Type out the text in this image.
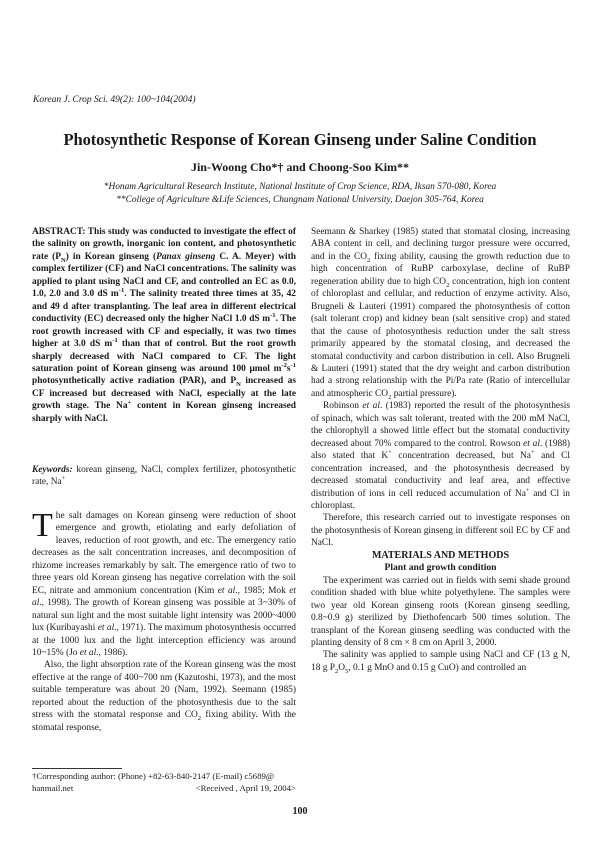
Korean J. Crop Sci. 49(2): 100~104(2004)
Photosynthetic Response of Korean Ginseng under Saline Condition
Jin-Woong Cho*† and Choong-Soo Kim**
*Honam Agricultural Research Institute, National Institute of Crop Science, RDA, Iksan 570-080, Korea
**College of Agriculture &Life Sciences, Chungnam National University, Daejon 305-764, Korea
ABSTRACT: This study was conducted to investigate the effect of the salinity on growth, inorganic ion content, and photosynthetic rate $(P_N)$ in Korean ginseng (Panax ginseng C. A. Meyer) with complex fertilizer (CF) and NaCl concentrations. The salinity was applied to plant using NaCl and CF, and controlled an EC as 0.0, 1.0, 2.0 and 3.0 dS $m^{-1}$. The salinity treated three times at 35, 42 and 49 d after transplanting. The leaf area in different electrical conductivity (EC) decreased only the higher NaCl 1.0 dS $m^{-1}$. The root growth increased with CF and especially, it was two times higher at 3.0 dS $m^{-1}$ than that of control. But the root growth sharply decreased with NaCl compared to CF. The light saturation point of Korean ginseng was around 100 μmol $m^{-2}s^{-1}$ photosynthetically active radiation (PAR), and $P_N$ increased as CF increased but decreased with NaCl, especially at the late growth stage. The Na+ content in Korean ginseng increased sharply with NaCl.
Keywords: korean ginseng, NaCl, complex fertilizer, photosynthetic rate, Na+

The salt damages on Korean ginseng were reduction of shoot emergence and growth, etiolating and early defoliation of leaves, reduction of root growth, and etc. The emergency ratio decreases as the salt concentration increases, and decomposition of rhizome increases remarkably by salt. The emergence ratio of two to three years old Korean ginseng has negative correlation with the soil EC, nitrate and ammonium concentration (Kim et al., 1985; Mok et al., 1998). The growth of Korean ginseng was possible at 3~30% of natural sun light and the most suitable light intensity was 2000~4000 lux (Kuribayashi et al., 1971). The maximum photosynthesis occurred at the 1000 lux and the light interception efficiency was around 10~15% (Jo et al., 1986).

Also, the light absorption rate of the Korean ginseng was the most effective at the range of 400~700 nm (Kazutoshi, 1973), and the most suitable temperature was about 20 (Nam, 1992). Seemann (1985) reported about the reduction of the photosynthesis due to the salt stress with the stomatal response and $CO_2$ fixing ability. With the stomatal response,

†Corresponding author: (Phone) +82-63-840-2147 (E-mail) c5689@
hanmail.net	<Received , April 19, 2004>

Seemann & Sharkey (1985) stated that stomatal closing, increasing ABA content in cell, and declining turgor pressure were occurred, and in the $CO_2$ fixing ability, causing the growth reduction due to high concentration of RuBP carboxylase, decline of RuBP regeneration ability due to high $CO_2$ concentration, high ion content of chloroplast and cellular, and reduction of enzyme activity. Also, Brugneli & Lauteri (1991) compared the photosynthesis of cotton (salt tolerant crop) and kidney bean (salt sensitive crop) and stated that the cause of photosynthesis reduction under the salt stress primarily appeared by the stomatal closing, and decreased the stomatal conductivity and carbon distribution in cell. Also Brugneli & Lauteri (1991) stated that the dry weight and carbon distribution had a strong relationship with the Pi/Pa rate (Ratio of intercellular and atmospheric $CO_2$ partial pressure).

Robinson et al. (1983) reported the result of the photosynthesis of spinach, which was salt tolerant, treated with the 200 mM NaCl, the chlorophyll a showed little effect but the stomatal conductivity decreased about 70% compared to the control. Rowson et al. (1988) also stated that K+ concentration decreased, but Na+ and Cl concentration increased, and the photosynthesis decreased by decreased stomatal conductivity and leaf area, and effective distribution of ions in cell reduced accumulation of Na+ and Cl in chloroplast.

Therefore, this research carried out to investigate responses on the photosynthesis of Korean ginseng in different soil EC by CF and NaCl.

MATERIALS AND METHODS

Plant and growth condition

The experiment was carried out in fields with semi shade ground condition shaded with blue white polyethylene. The samples were two year old Korean ginseng roots (Korean ginseng seedling, 0.8~0.9 g) sterilized by Diethofencarb 500 times solution. The transplant of the Korean ginseng seedling was conducted with the planting density of 8 cm × 8 cm on April 3, 2000.

The salinity was applied to sample using NaCl and CF (13 g N, 18 g $P_2O_5$, 0.1 g MnO and 0.15 g CuO) and controlled an

100
